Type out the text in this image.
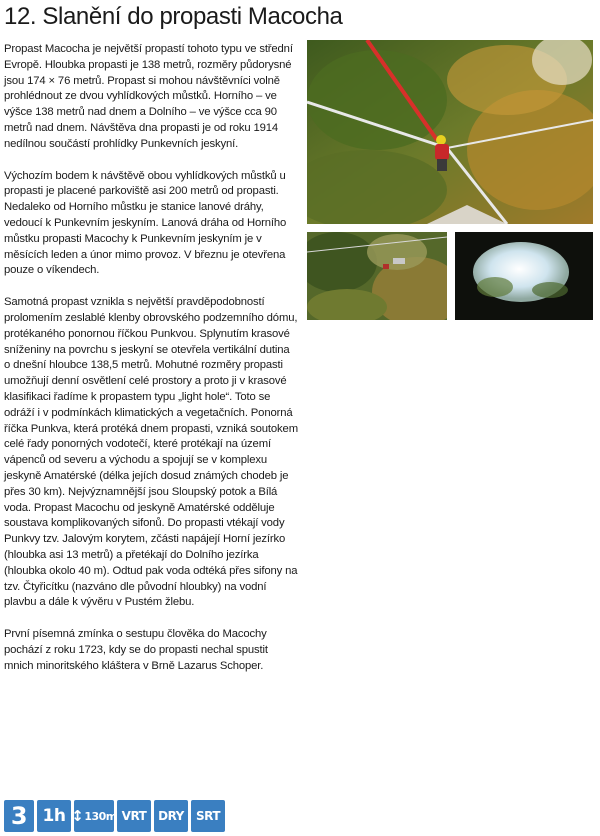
12. Slanění do propasti Macocha

Propast Macocha je největší propastí tohoto typu ve střední Evropě. Hloubka propasti je 138 metrů, rozměry půdorysné jsou 174 × 76 metrů. Propast si mohou návštěvníci volně prohlédnout ze dvou vyhlídkových můstků. Horního – ve výšce 138 metrů nad dnem a Dolního – ve výšce cca 90 metrů nad dnem. Návštěva dna propasti je od roku 1914 nedílnou součástí prohlídky Punkevních jeskyní.

Výchozím bodem k návštěvě obou vyhlídkových můstků u propasti je placené parkoviště asi 200 metrů od propasti. Nedaleko od Horního můstku je stanice lanové dráhy, vedoucí k Punkevním jeskyním. Lanová dráha od Horního můstku propasti Macochy k Punkevním jeskyním je v měsících leden a únor mimo provoz. V březnu je otevřena pouze o víkendech.

Samotná propast vznikla s největší pravděpodobností prolomením zeslablé klenby obrovského podzemního dómu, protékaného ponornou říčkou Punkvou. Splynutím krasové sníženiny na povrchu s jeskyní se otevřela vertikální dutina o dnešní hloubce 138,5 metrů. Mohutné rozměry propasti umožňují denní osvětlení celé prostory a proto ji v krasové klasifikaci řadíme k propastem typu „light hole“. Toto se odráží i v podmínkách klimatických a vegetačních. Ponorná říčka Punkva, která protéká dnem propasti, vzniká soutokem celé řady ponorných vodotečí, které protékají na území vápenců od severu a východu a spojují se v komplexu jeskyně Amatérské (délka jejích dosud známých chodeb je přes 30 km). Nejvýznamnější jsou Sloupský potok a Bílá voda. Propast Macochu od jeskyně Amatérské odděluje soustava komplikovaných sifonů. Do propasti vtékají vody Punkvy tzv. Jalovým korytem, zčásti napájejí Horní jezírko (hloubka asi 13 metrů) a přetékají do Dolního jezírka (hloubka okolo 40 m). Odtud pak voda odtéká přes sifony na tzv. Čtyřicítku (nazváno dle původní hloubky) na vodní plavbu a dále k vývěru v Pustém žlebu.

První písemná zmínka o sestupu člověka do Macochy pochází z roku 1723, kdy se do propasti nechal spustit mnich minoritského kláštera v Brně Lazarus Schoper.

3 1h ↕ 130m VRT DRY	SRT
